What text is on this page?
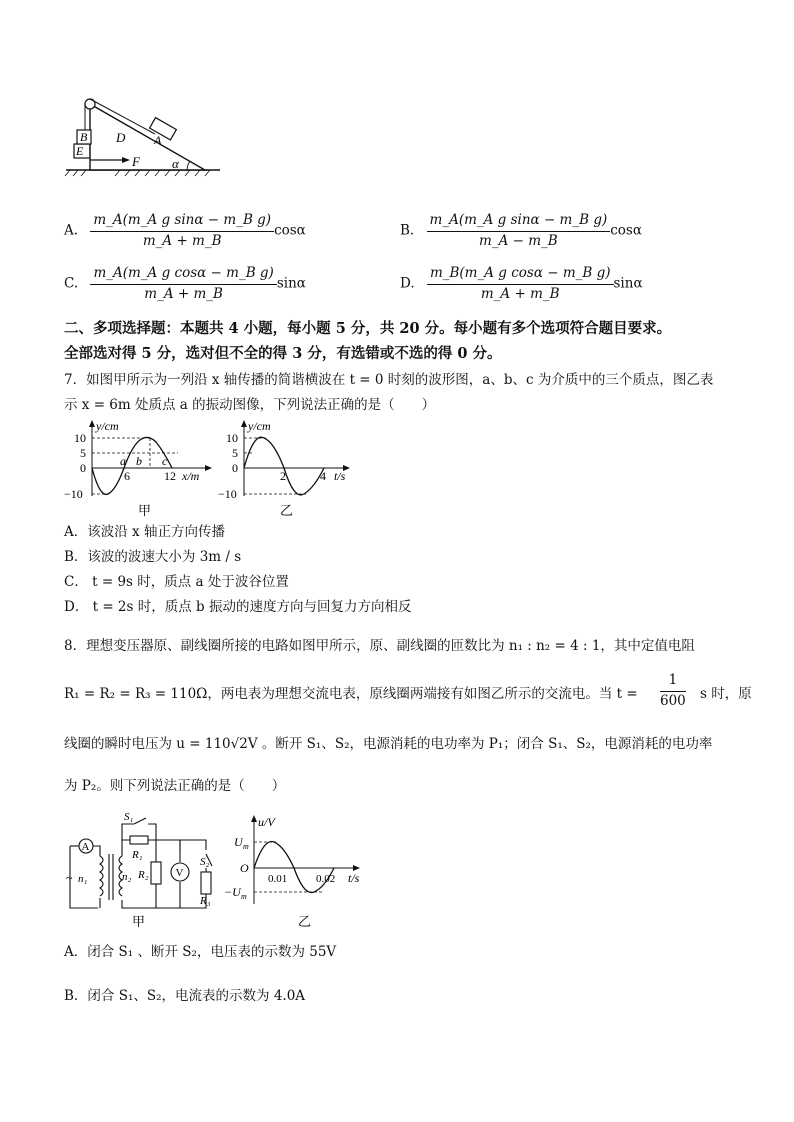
B
E
D A
F α
A. $\frac{\text{m\_A(m\_A g sinα − m\_B g)}}{m\_A + m\_B}$ cosα	B. $\frac{\text{m\_A(m\_A g sinα − m\_B g)}}{m\_A - m\_B}$ cosα
C. $\frac{\text{m\_A(m\_A g cosα − m\_B g)}}{m\_A + m\_B}$ sinα	D. $\frac{\text{m\_B(m\_A g cosα − m\_B g)}}{m\_A + m\_B}$ sinα
二、多项选择题：本题共 4 小题，每小题 5 分，共 20 分。每小题有多个选项符合题目要求。
全部选对得 5 分，选对但不全的得 3 分，有选错或不选的得 0 分。
7．如图甲所示为一列沿 x 轴传播的简谐横波在 t = 0 时刻的波形图，a、b、c 为介质中的三个质点，图乙表
示 x = 6m 处质点 a 的振动图像，下列说法正确的是（　　）
10
5
0
−10
6	12
y/cm
x/m
a b c
甲
10
5
0
−10
2	4
y/cm
t/s
乙
A．该波沿 x 轴正方向传播
B．该波的波速大小为 3m / s
C． t = 9s 时，质点 a 处于波谷位置
D． t = 2s 时，质点 b 振动的速度方向与回复力方向相反
8．理想变压器原、副线圈所接的电路如图甲所示，原、副线圈的匝数比为 n₁ : n₂ = 4 : 1，其中定值电阻
R₁ = R₂ = R₃ = 110Ω，两电表为理想交流电表，原线圈两端接有如图乙所示的交流电。当 $t = \frac{1}{600}$ s 时，原
线圈的瞬时电压为 u = 110√2V 。断开 S₁、S₂，电源消耗的电功率为 P₁；闭合 S₁、S₂，电源消耗的电功率
为 P₂。则下列说法正确的是（　　）
A
V
~ n₁	n₂
S₁
R₁
R₂
S₂
R₃
甲
u/V
U m
O
−U m
0.01	0.02 t/s
乙
A．闭合 S₁ 、断开 S₂，电压表的示数为 55V
B．闭合 S₁、S₂，电流表的示数为 4.0A
